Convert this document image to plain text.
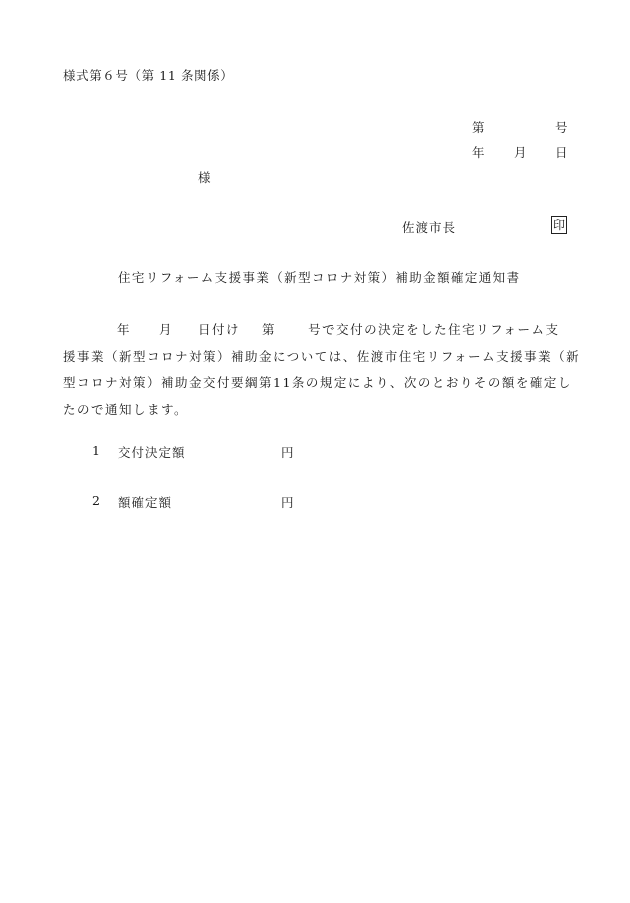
様式第６号（第 11 条関係）
第	号
年 月 日
様
佐渡市長	印
住宅リフォーム支援事業（新型コロナ対策）補助金額確定通知書
年 月 日付け 第	号で交付の決定をした住宅リフォーム支
援事業（新型コロナ対策）補助金については、佐渡市住宅リフォーム支援事業（新
型コロナ対策）補助金交付要綱第11条の規定により、次のとおりその額を確定し
たので通知します。
1 交付決定額	円
2 額確定額	円
